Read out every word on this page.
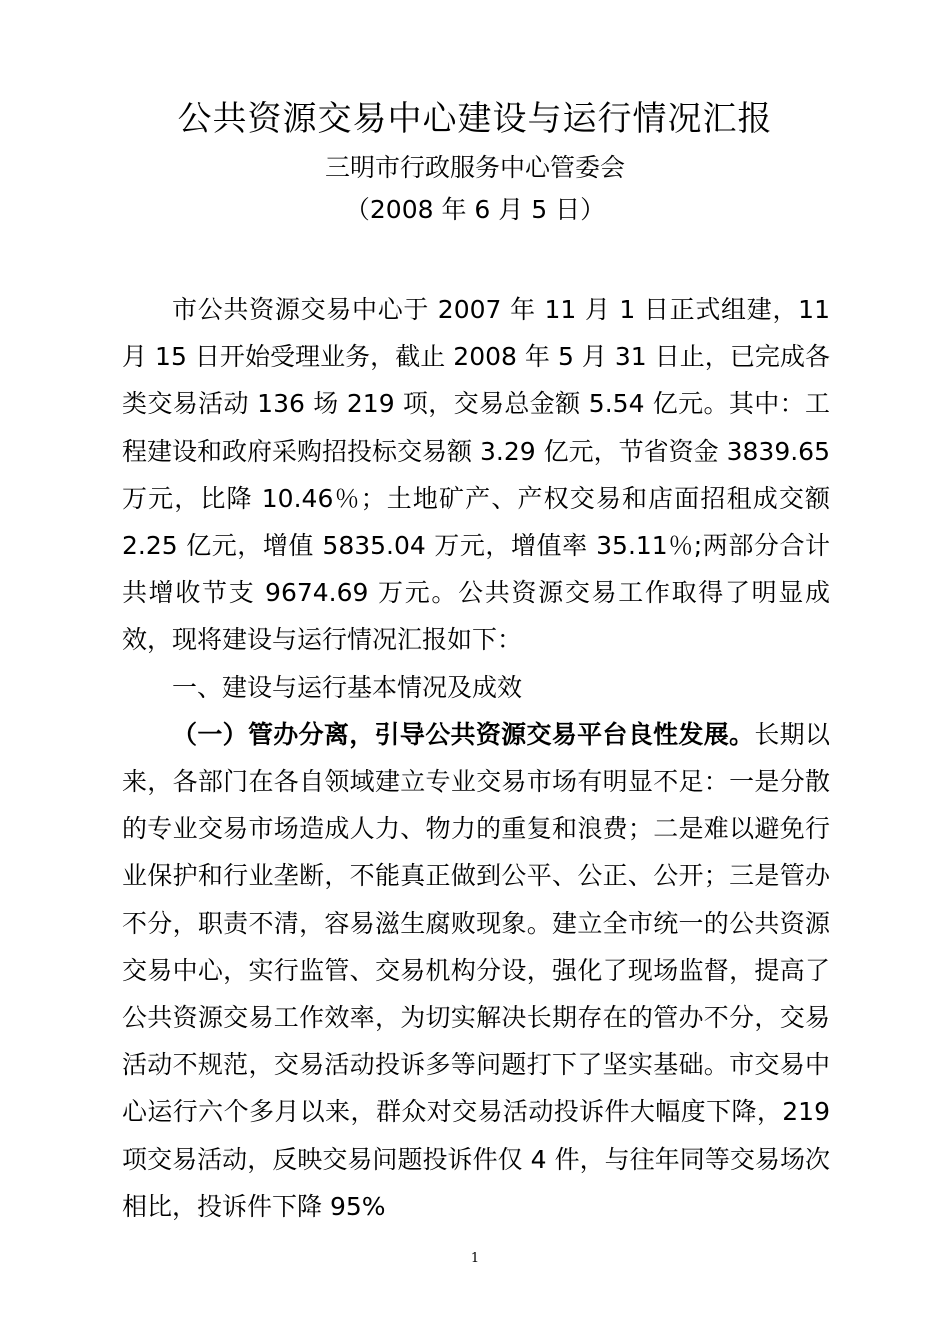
公共资源交易中心建设与运行情况汇报
三明市行政服务中心管委会
（2008 年 6 月 5 日）

市公共资源交易中心于 2007 年 11 月 1 日正式组建，11 月 15 日开始受理业务，截止 2008 年 5 月 31 日止，已完成各类交易活动 136 场 219 项，交易总金额 5.54 亿元。其中：工程建设和政府采购招投标交易额 3.29 亿元，节省资金 3839.65 万元，比降 10.46％；土地矿产、产权交易和店面招租成交额 2.25 亿元，增值 5835.04 万元，增值率 35.11％;两部分合计共增收节支 9674.69 万元。公共资源交易工作取得了明显成效，现将建设与运行情况汇报如下：

一、建设与运行基本情况及成效

（一）管办分离，引导公共资源交易平台良性发展。长期以来，各部门在各自领域建立专业交易市场有明显不足：一是分散的专业交易市场造成人力、物力的重复和浪费；二是难以避免行业保护和行业垄断，不能真正做到公平、公正、公开；三是管办不分，职责不清，容易滋生腐败现象。建立全市统一的公共资源交易中心，实行监管、交易机构分设，强化了现场监督，提高了公共资源交易工作效率，为切实解决长期存在的管办不分，交易活动不规范，交易活动投诉多等问题打下了坚实基础。市交易中心运行六个多月以来，群众对交易活动投诉件大幅度下降，219 项交易活动，反映交易问题投诉件仅 4 件，与往年同等交易场次相比，投诉件下降 95%

1
